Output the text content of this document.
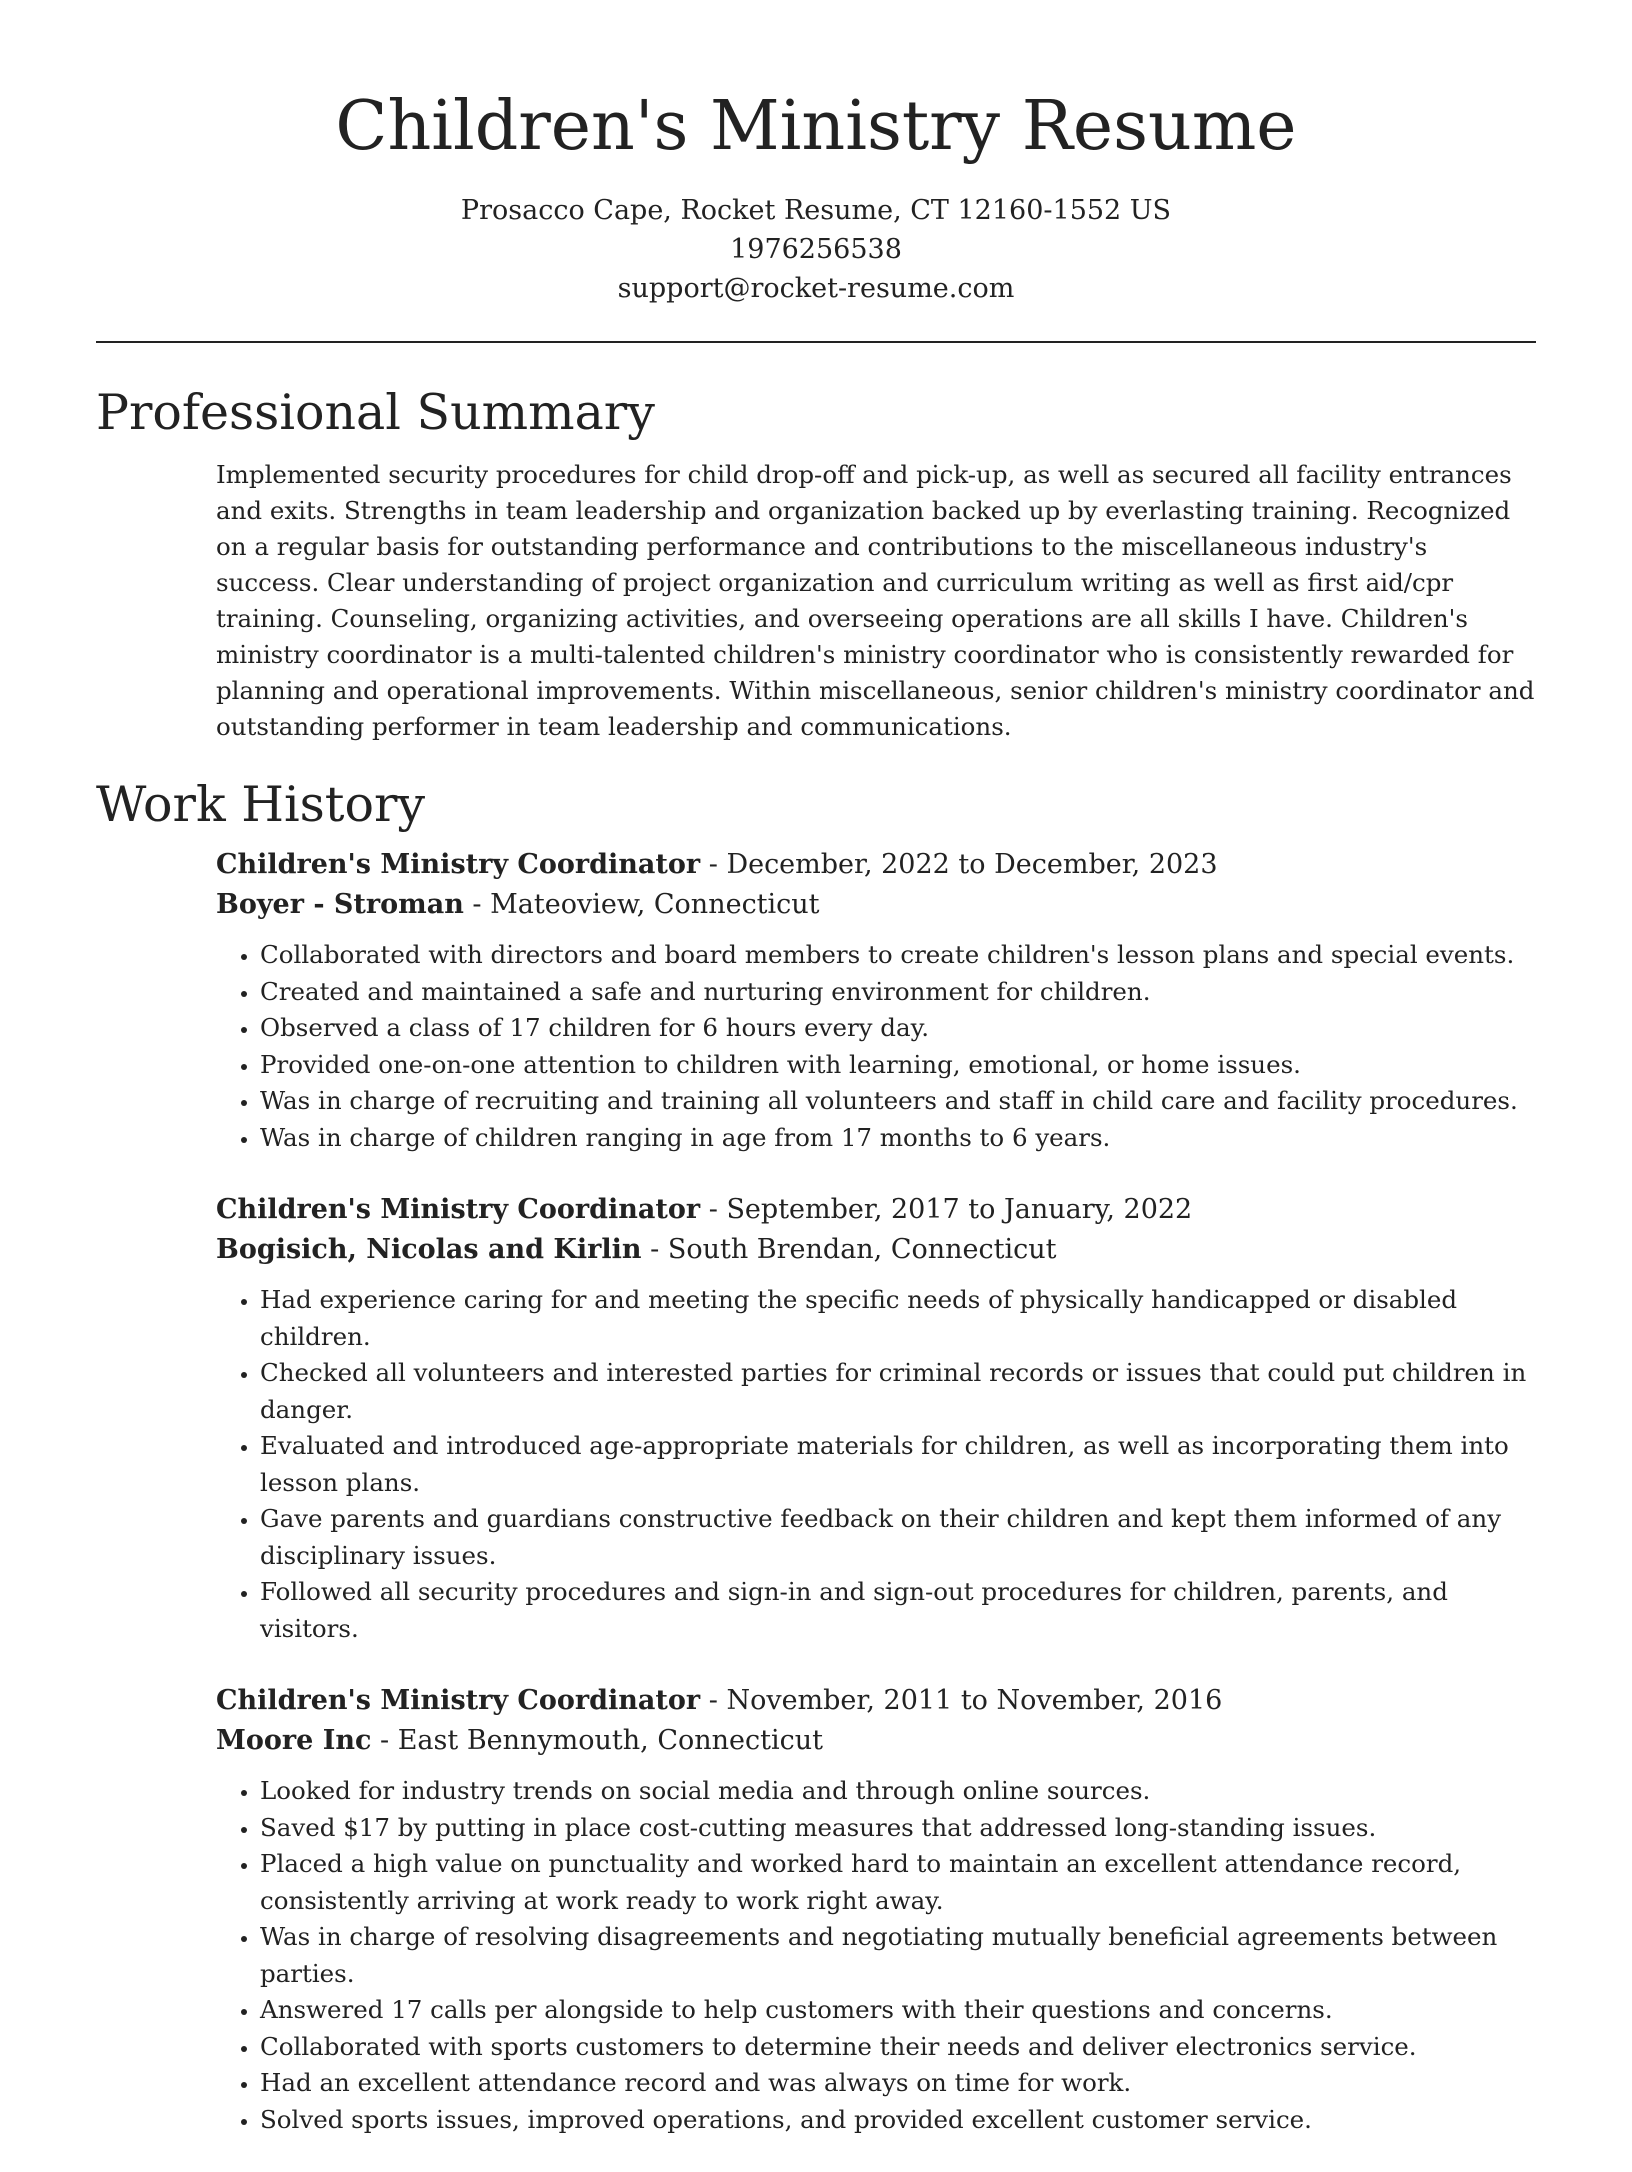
Children's Ministry Resume
Prosacco Cape, Rocket Resume, CT 12160-1552 US
1976256538
support@rocket-resume.com
Professional Summary

Implemented security procedures for child drop-off and pick-up, as well as secured all facility entrances and exits. Strengths in team leadership and organization backed up by everlasting training. Recognized on a regular basis for outstanding performance and contributions to the miscellaneous industry's success. Clear understanding of project organization and curriculum writing as well as first aid/cpr training. Counseling, organizing activities, and overseeing operations are all skills I have. Children's ministry coordinator is a multi-talented children's ministry coordinator who is consistently rewarded for planning and operational improvements. Within miscellaneous, senior children's ministry coordinator and outstanding performer in team leadership and communications.

Work History
Children's Ministry Coordinator - December, 2022 to December, 2023
Boyer - Stroman - Mateoview, Connecticut
• Collaborated with directors and board members to create children's lesson plans and special events.
• Created and maintained a safe and nurturing environment for children.
• Observed a class of 17 children for 6 hours every day.
• Provided one-on-one attention to children with learning, emotional, or home issues.
• Was in charge of recruiting and training all volunteers and staff in child care and facility procedures.
• Was in charge of children ranging in age from 17 months to 6 years.
Children's Ministry Coordinator - September, 2017 to January, 2022
Bogisich, Nicolas and Kirlin - South Brendan, Connecticut
• Had experience caring for and meeting the specific needs of physically handicapped or disabled children.
• Checked all volunteers and interested parties for criminal records or issues that could put children in danger.
• Evaluated and introduced age-appropriate materials for children, as well as incorporating them into lesson plans.
• Gave parents and guardians constructive feedback on their children and kept them informed of any disciplinary issues.
• Followed all security procedures and sign-in and sign-out procedures for children, parents, and visitors.
Children's Ministry Coordinator - November, 2011 to November, 2016
Moore Inc - East Bennymouth, Connecticut
• Looked for industry trends on social media and through online sources.
• Saved $17 by putting in place cost-cutting measures that addressed long-standing issues.
• Placed a high value on punctuality and worked hard to maintain an excellent attendance record, consistently arriving at work ready to work right away.
• Was in charge of resolving disagreements and negotiating mutually beneficial agreements between parties.
• Answered 17 calls per alongside to help customers with their questions and concerns.
• Collaborated with sports customers to determine their needs and deliver electronics service.
• Had an excellent attendance record and was always on time for work.
• Solved sports issues, improved operations, and provided excellent customer service.
